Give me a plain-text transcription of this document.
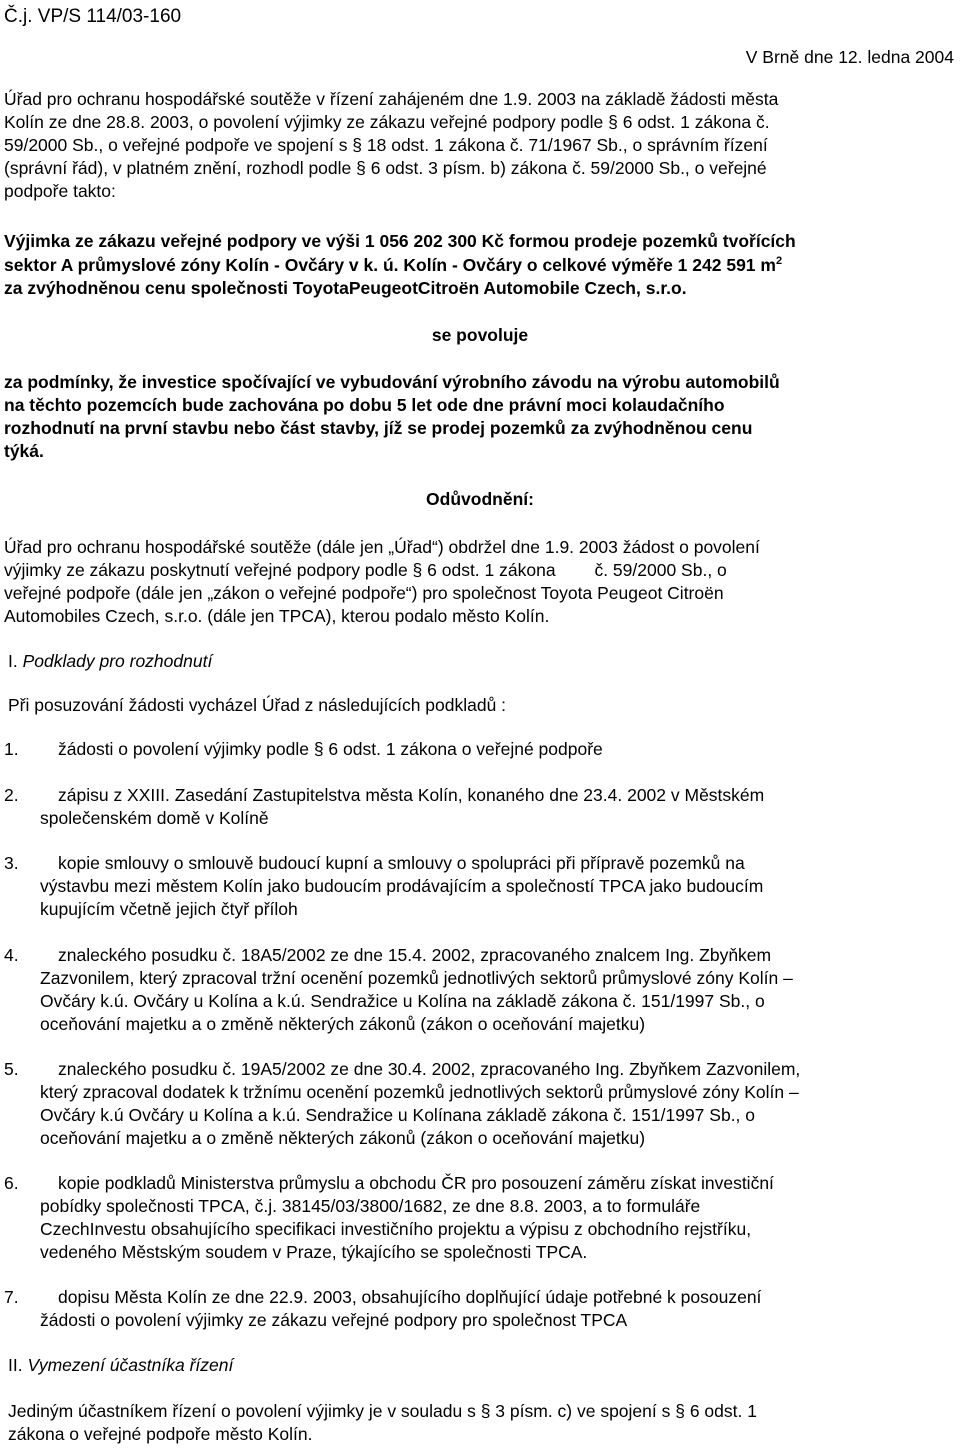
Č.j. VP/S 114/03-160
V Brně dne 12. ledna 2004

Úřad pro ochranu hospodářské soutěže v řízení zahájeném dne 1.9. 2003 na základě žádosti města

Kolín ze dne 28.8. 2003, o povolení výjimky ze zákazu veřejné podpory podle § 6 odst. 1 zákona č.

59/2000 Sb., o veřejné podpoře ve spojení s § 18 odst. 1 zákona č. 71/1967 Sb., o správním řízení

(správní řád), v platném znění, rozhodl podle § 6 odst. 3 písm. b) zákona č. 59/2000 Sb., o veřejné

podpoře takto:

Výjimka ze zákazu veřejné podpory ve výši 1 056 202 300 Kč formou prodeje pozemků tvořících

sektor A průmyslové zóny Kolín - Ovčáry v k. ú. Kolín - Ovčáry o celkové výměře 1 242 591 $m^2$

za zvýhodněnou cenu společnosti ToyotaPeugeotCitroën Automobile Czech, s.r.o.

se povoluje

za podmínky, že investice spočívající ve vybudování výrobního závodu na výrobu automobilů

na těchto pozemcích bude zachována po dobu 5 let ode dne právní moci kolaudačního

rozhodnutí na první stavbu nebo část stavby, jíž se prodej pozemků za zvýhodněnou cenu

týká.

Odůvodnění:

Úřad pro ochranu hospodářské soutěže (dále jen „Úřad“) obdržel dne 1.9. 2003 žádost o povolení

výjimky ze zákazu poskytnutí veřejné podpory podle § 6 odst. 1 zákona        č. 59/2000 Sb., o

veřejné podpoře (dále jen „zákon o veřejné podpoře“) pro společnost Toyota Peugeot Citroën

Automobiles Czech, s.r.o. (dále jen TPCA), kterou podalo město Kolín.

I. Podklady pro rozhodnutí
Při posuzování žádosti vycházel Úřad z následujících podkladů :
1. žádosti o povolení výjimky podle § 6 odst. 1 zákona o veřejné podpoře

2. zápisu z XXIII. Zasedání Zastupitelstva města Kolín, konaného dne 23.4. 2002 v Městském

společenském domě v Kolíně

3. kopie smlouvy o smlouvě budoucí kupní a smlouvy o spolupráci při přípravě pozemků na

výstavbu mezi městem Kolín jako budoucím prodávajícím a společností TPCA jako budoucím

kupujícím včetně jejich čtyř příloh

4. znaleckého posudku č. 18A5/2002 ze dne 15.4. 2002, zpracovaného znalcem Ing. Zbyňkem

Zazvonilem, který zpracoval tržní ocenění pozemků jednotlivých sektorů průmyslové zóny Kolín –

Ovčáry k.ú. Ovčáry u Kolína a k.ú. Sendražice u Kolína na základě zákona č. 151/1997 Sb., o

oceňování majetku a o změně některých zákonů (zákon o oceňování majetku)

5. znaleckého posudku č. 19A5/2002 ze dne 30.4. 2002, zpracovaného Ing. Zbyňkem Zazvonilem,

který zpracoval dodatek k tržnímu ocenění pozemků jednotlivých sektorů průmyslové zóny Kolín –

Ovčáry k.ú Ovčáry u Kolína a k.ú. Sendražice u Kolínana základě zákona č. 151/1997 Sb., o

oceňování majetku a o změně některých zákonů (zákon o oceňování majetku)

6. kopie podkladů Ministerstva průmyslu a obchodu ČR pro posouzení záměru získat investiční

pobídky společnosti TPCA, č.j. 38145/03/3800/1682, ze dne 8.8. 2003, a to formuláře

CzechInvestu obsahujícího specifikaci investičního projektu a výpisu z obchodního rejstříku,

vedeného Městským soudem v Praze, týkajícího se společnosti TPCA.

7. dopisu Města Kolín ze dne 22.9. 2003, obsahujícího doplňující údaje potřebné k posouzení

žádosti o povolení výjimky ze zákazu veřejné podpory pro společnost TPCA

II. Vymezení účastníka řízení

Jediným účastníkem řízení o povolení výjimky je v souladu s § 3 písm. c) ve spojení s § 6 odst. 1

zákona o veřejné podpoře město Kolín.
